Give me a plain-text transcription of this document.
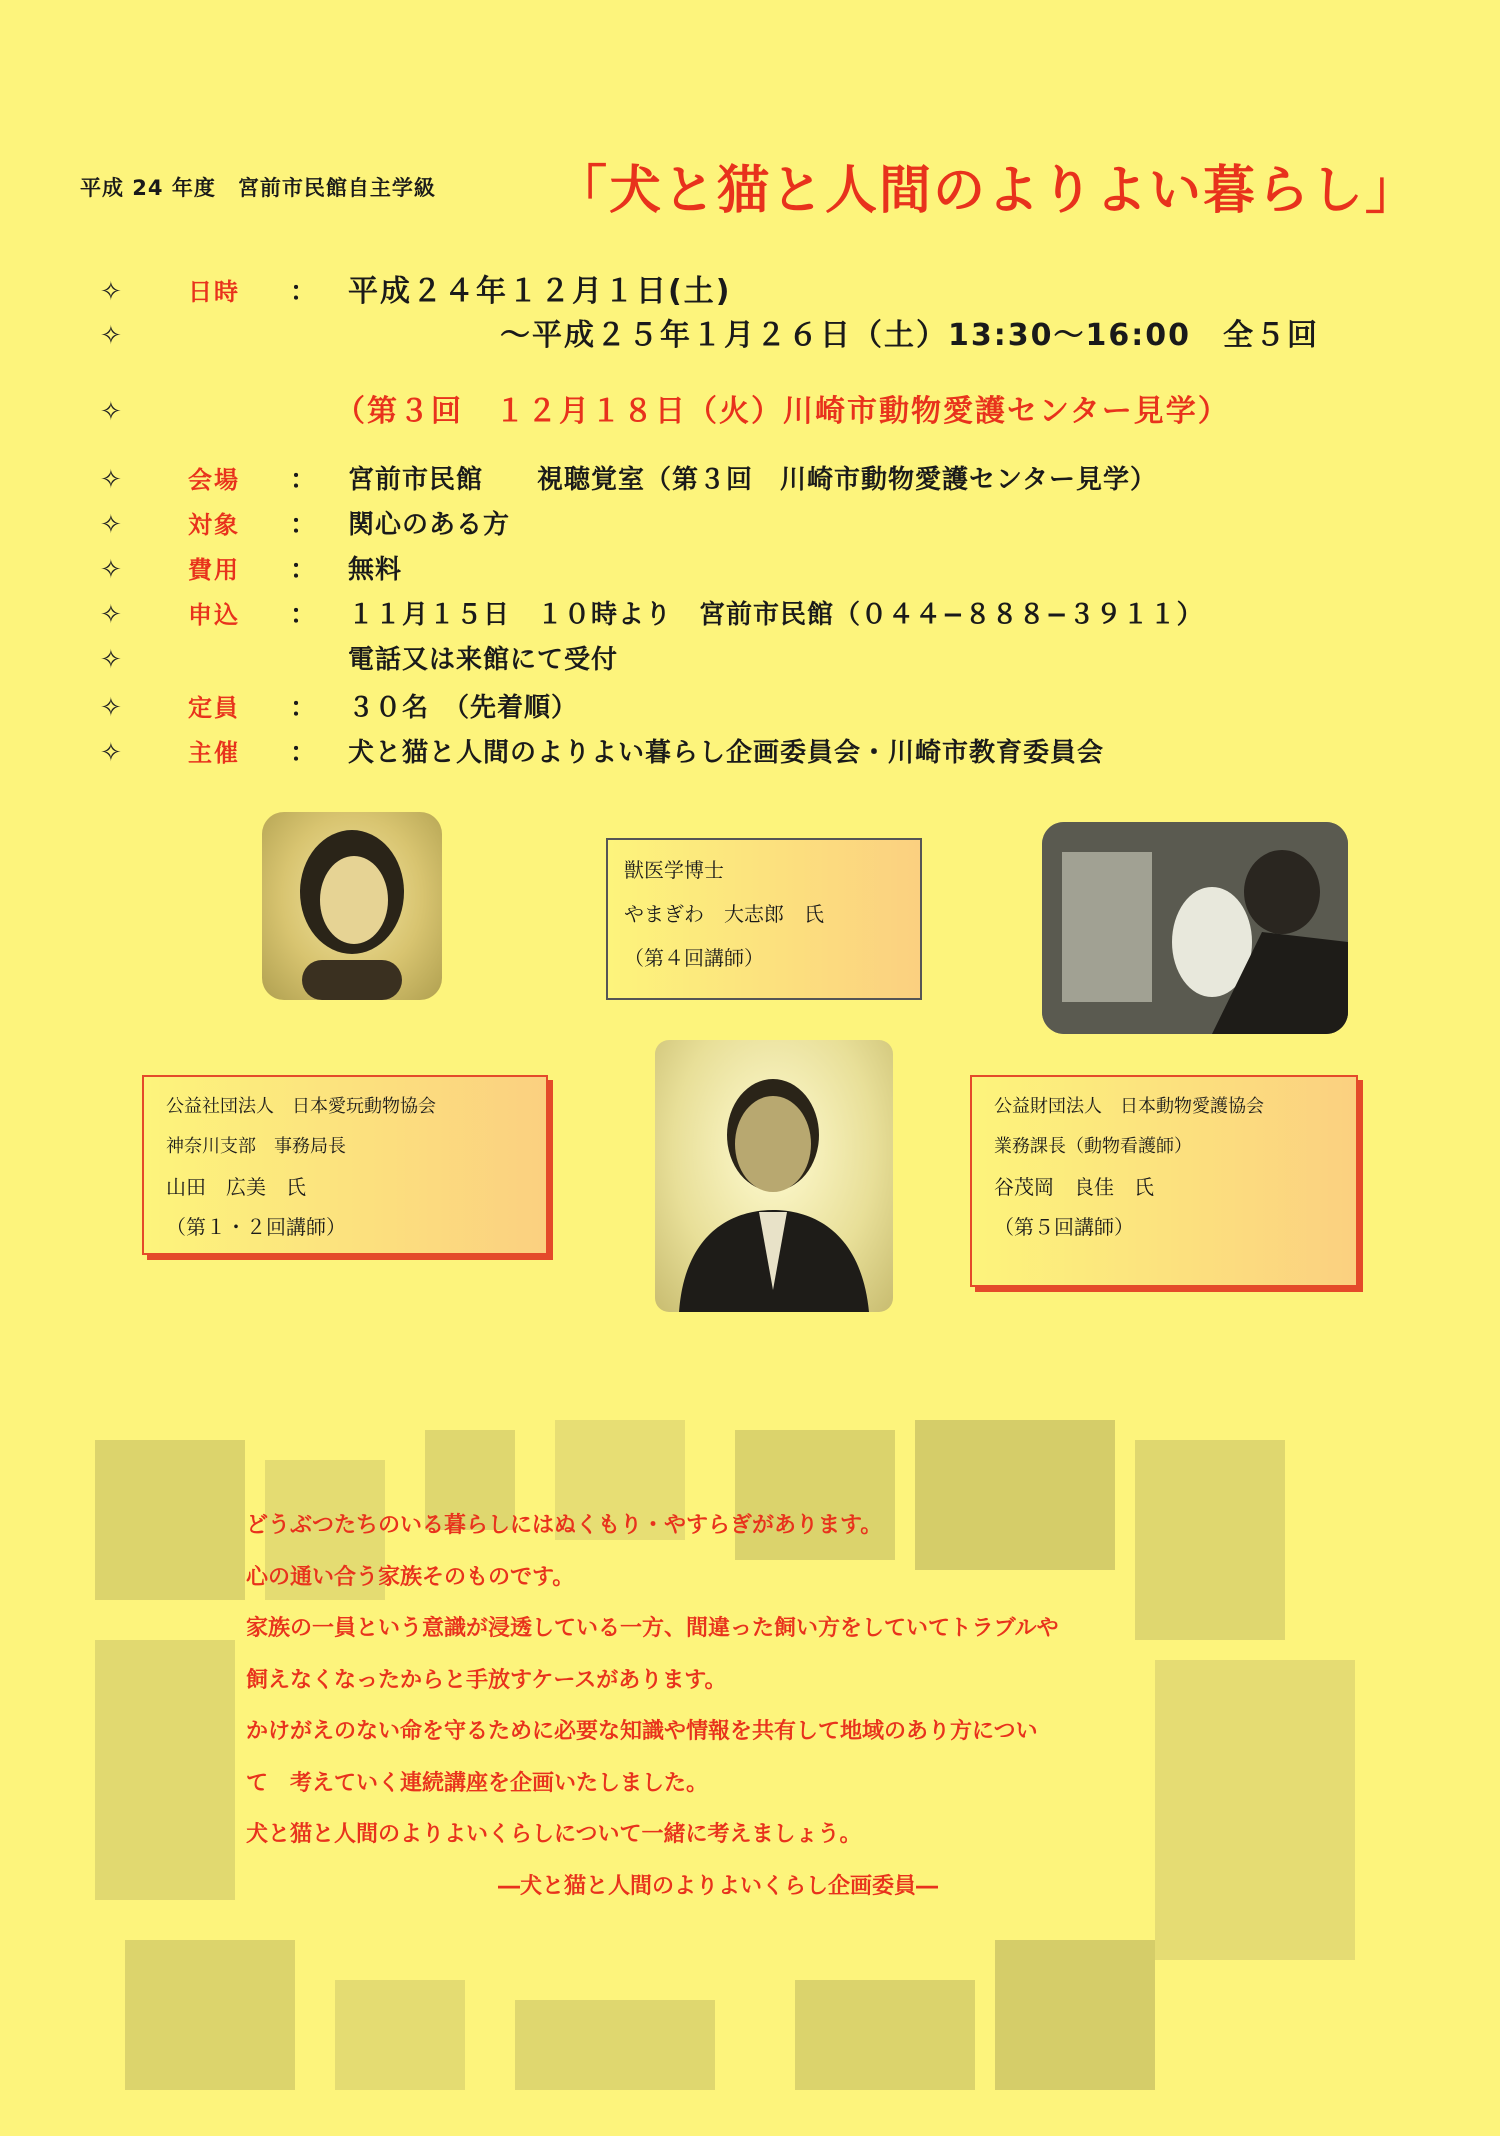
平成 24 年度　宮前市民館自主学級 「犬と猫と人間のよりよい暮らし」
✧	日時 ： 平成２４年１２月１日(土)
✧	〜平成２５年１月２６日（土）13:30〜16:00　全５回
✧	（第３回　１２月１８日（火）川崎市動物愛護センター見学）
✧	会場 ： 宮前市民館　　視聴覚室（第３回　川崎市動物愛護センター見学）
✧	対象 ： 関心のある方
✧	費用 ： 無料
✧	申込 ： １１月１５日　１０時より　宮前市民館（０４４−８８８−３９１１）
✧	電話又は来館にて受付
✧	定員 ： ３０名　（先着順）
✧	主催 ： 犬と猫と人間のよりよい暮らし企画委員会・川崎市教育委員会
獣医学博士
やまぎわ　大志郎　氏
（第４回講師）
公益社団法人　日本愛玩動物協会
神奈川支部　事務局長
山田　広美　氏
（第１・２回講師）
公益財団法人　日本動物愛護協会
業務課長（動物看護師）
谷茂岡　良佳　氏
（第５回講師）
どうぶつたちのいる暮らしにはぬくもり・やすらぎがあります。
心の通い合う家族そのものです。
家族の一員という意識が浸透している一方、間違った飼い方をしていてトラブルや
飼えなくなったからと手放すケースがあります。
かけがえのない命を守るために必要な知識や情報を共有して地域のあり方につい
て　考えていく連続講座を企画いたしました。
犬と猫と人間のよりよいくらしについて一緒に考えましょう。
―犬と猫と人間のよりよいくらし企画委員―
